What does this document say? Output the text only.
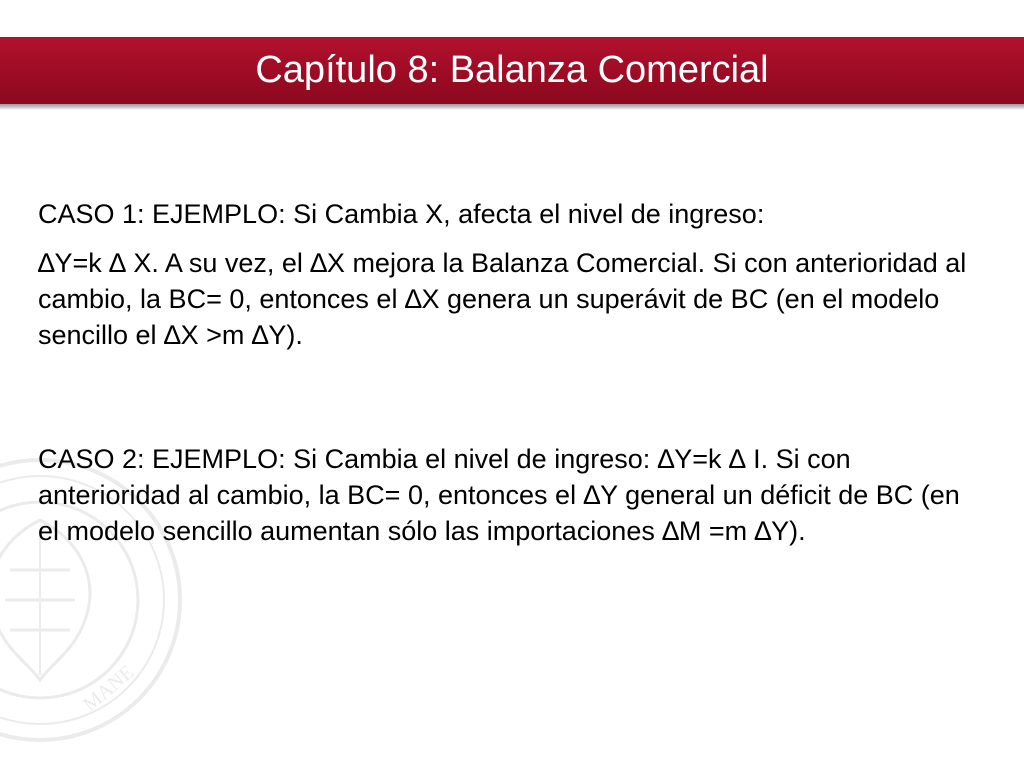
Capítulo 8: Balanza Comercial
MANE

CASO 1: EJEMPLO: Si Cambia X, afecta el nivel de ingreso:

∆Y=k ∆ X. A su vez, el ∆X mejora la Balanza Comercial. Si con anterioridad al cambio, la BC= 0, entonces el ∆X genera un superávit de BC (en el modelo sencillo el ∆X >m ∆Y).

CASO 2: EJEMPLO: Si Cambia el nivel de ingreso: ∆Y=k ∆ I. Si con anterioridad al cambio, la BC= 0, entonces el ∆Y general un déficit de BC (en el modelo sencillo aumentan sólo las importaciones ∆M =m ∆Y).
